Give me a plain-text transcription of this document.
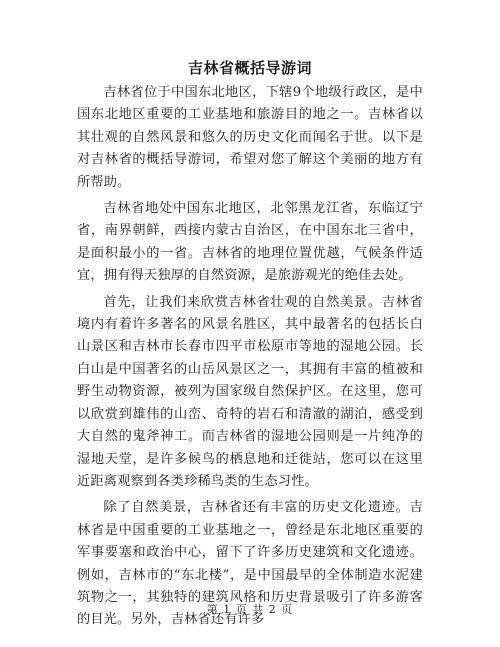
吉林省概括导游词

吉林省位于中国东北地区，下辖9个地级行政区，是中国东北地区重要的工业基地和旅游目的地之一。吉林省以其壮观的自然风景和悠久的历史文化而闻名于世。以下是对吉林省的概括导游词，希望对您了解这个美丽的地方有所帮助。

吉林省地处中国东北地区，北邻黑龙江省，东临辽宁省，南界朝鲜，西接内蒙古自治区，在中国东北三省中，是面积最小的一省。吉林省的地理位置优越，气候条件适宜，拥有得天独厚的自然资源，是旅游观光的绝佳去处。

首先，让我们来欣赏吉林省壮观的自然美景。吉林省境内有着许多著名的风景名胜区，其中最著名的包括长白山景区和吉林市长春市四平市松原市等地的湿地公园。长白山是中国著名的山岳风景区之一，其拥有丰富的植被和野生动物资源，被列为国家级自然保护区。在这里，您可以欣赏到雄伟的山峦、奇特的岩石和清澈的湖泊，感受到大自然的鬼斧神工。而吉林省的湿地公园则是一片纯净的湿地天堂，是许多候鸟的栖息地和迁徙站，您可以在这里近距离观察到各类珍稀鸟类的生态习性。

除了自然美景，吉林省还有丰富的历史文化遗迹。吉林省是中国重要的工业基地之一，曾经是东北地区重要的军事要塞和政治中心，留下了许多历史建筑和文化遗迹。例如，吉林市的“东北楼”，是中国最早的全体制造水泥建筑物之一，其独特的建筑风格和历史背景吸引了许多游客的目光。另外，吉林省还有许多

第 1 页 共 2 页
